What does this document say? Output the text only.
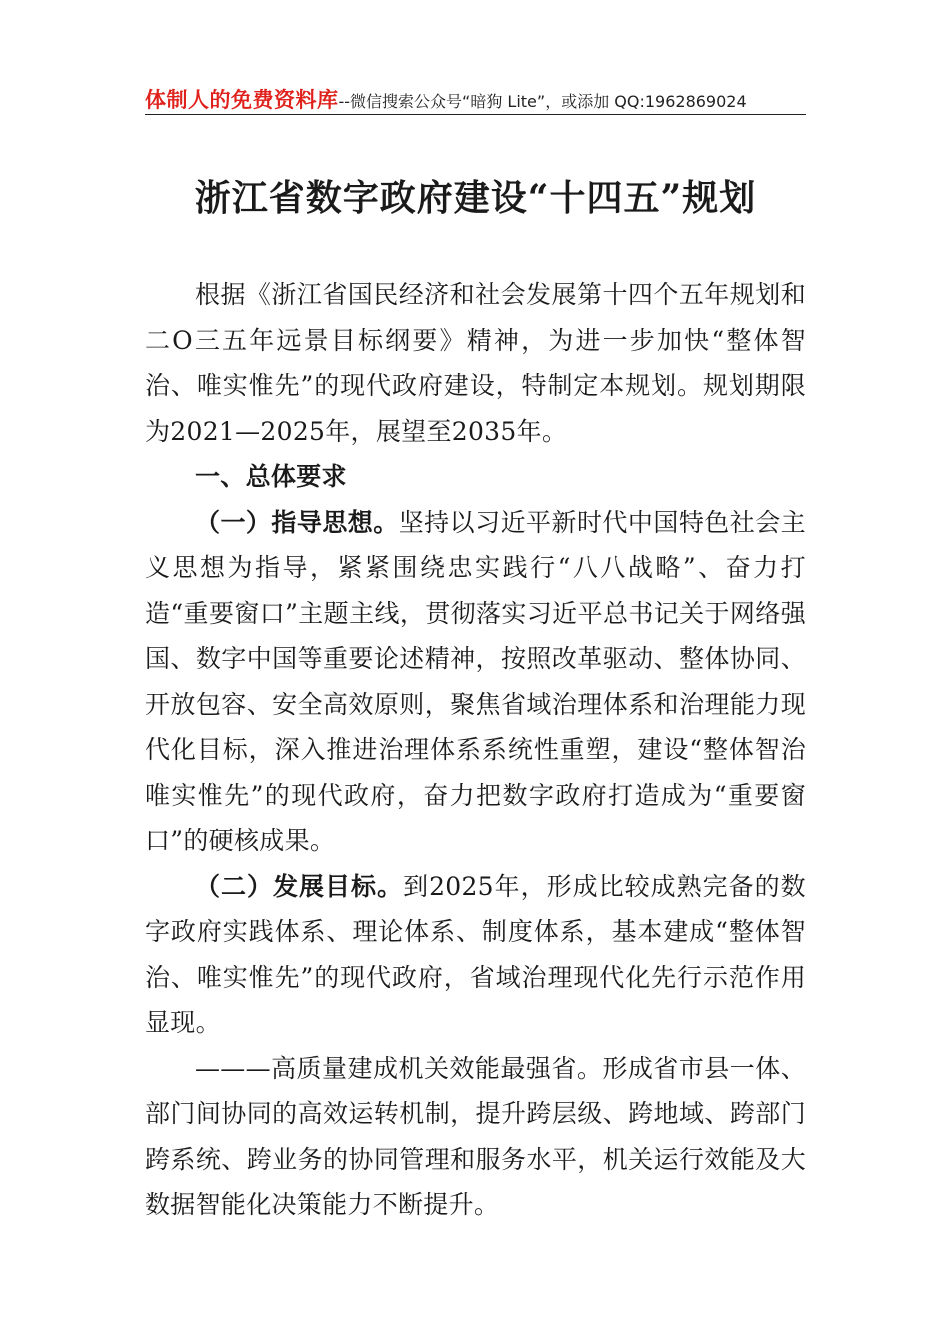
体制人的免费资料库--微信搜索公众号“暗狗 Lite”，或添加 QQ:1962869024
浙江省数字政府建设“十四五”规划

根据《浙江省国民经济和社会发展第十四个五年规划和二O三五年远景目标纲要》精神，为进一步加快“整体智治、唯实惟先”的现代政府建设，特制定本规划。规划期限为2021—2025年，展望至2035年。

一、总体要求

（一）指导思想。坚持以习近平新时代中国特色社会主义思想为指导，紧紧围绕忠实践行“八八战略”、奋力打造“重要窗口”主题主线，贯彻落实习近平总书记关于网络强国、数字中国等重要论述精神，按照改革驱动、整体协同、开放包容、安全高效原则，聚焦省域治理体系和治理能力现代化目标，深入推进治理体系系统性重塑，建设“整体智治唯实惟先”的现代政府，奋力把数字政府打造成为“重要窗口”的硬核成果。

（二）发展目标。到2025年，形成比较成熟完备的数字政府实践体系、理论体系、制度体系，基本建成“整体智治、唯实惟先”的现代政府，省域治理现代化先行示范作用显现。

———高质量建成机关效能最强省。形成省市县一体、部门间协同的高效运转机制，提升跨层级、跨地域、跨部门跨系统、跨业务的协同管理和服务水平，机关运行效能及大数据智能化决策能力不断提升。
